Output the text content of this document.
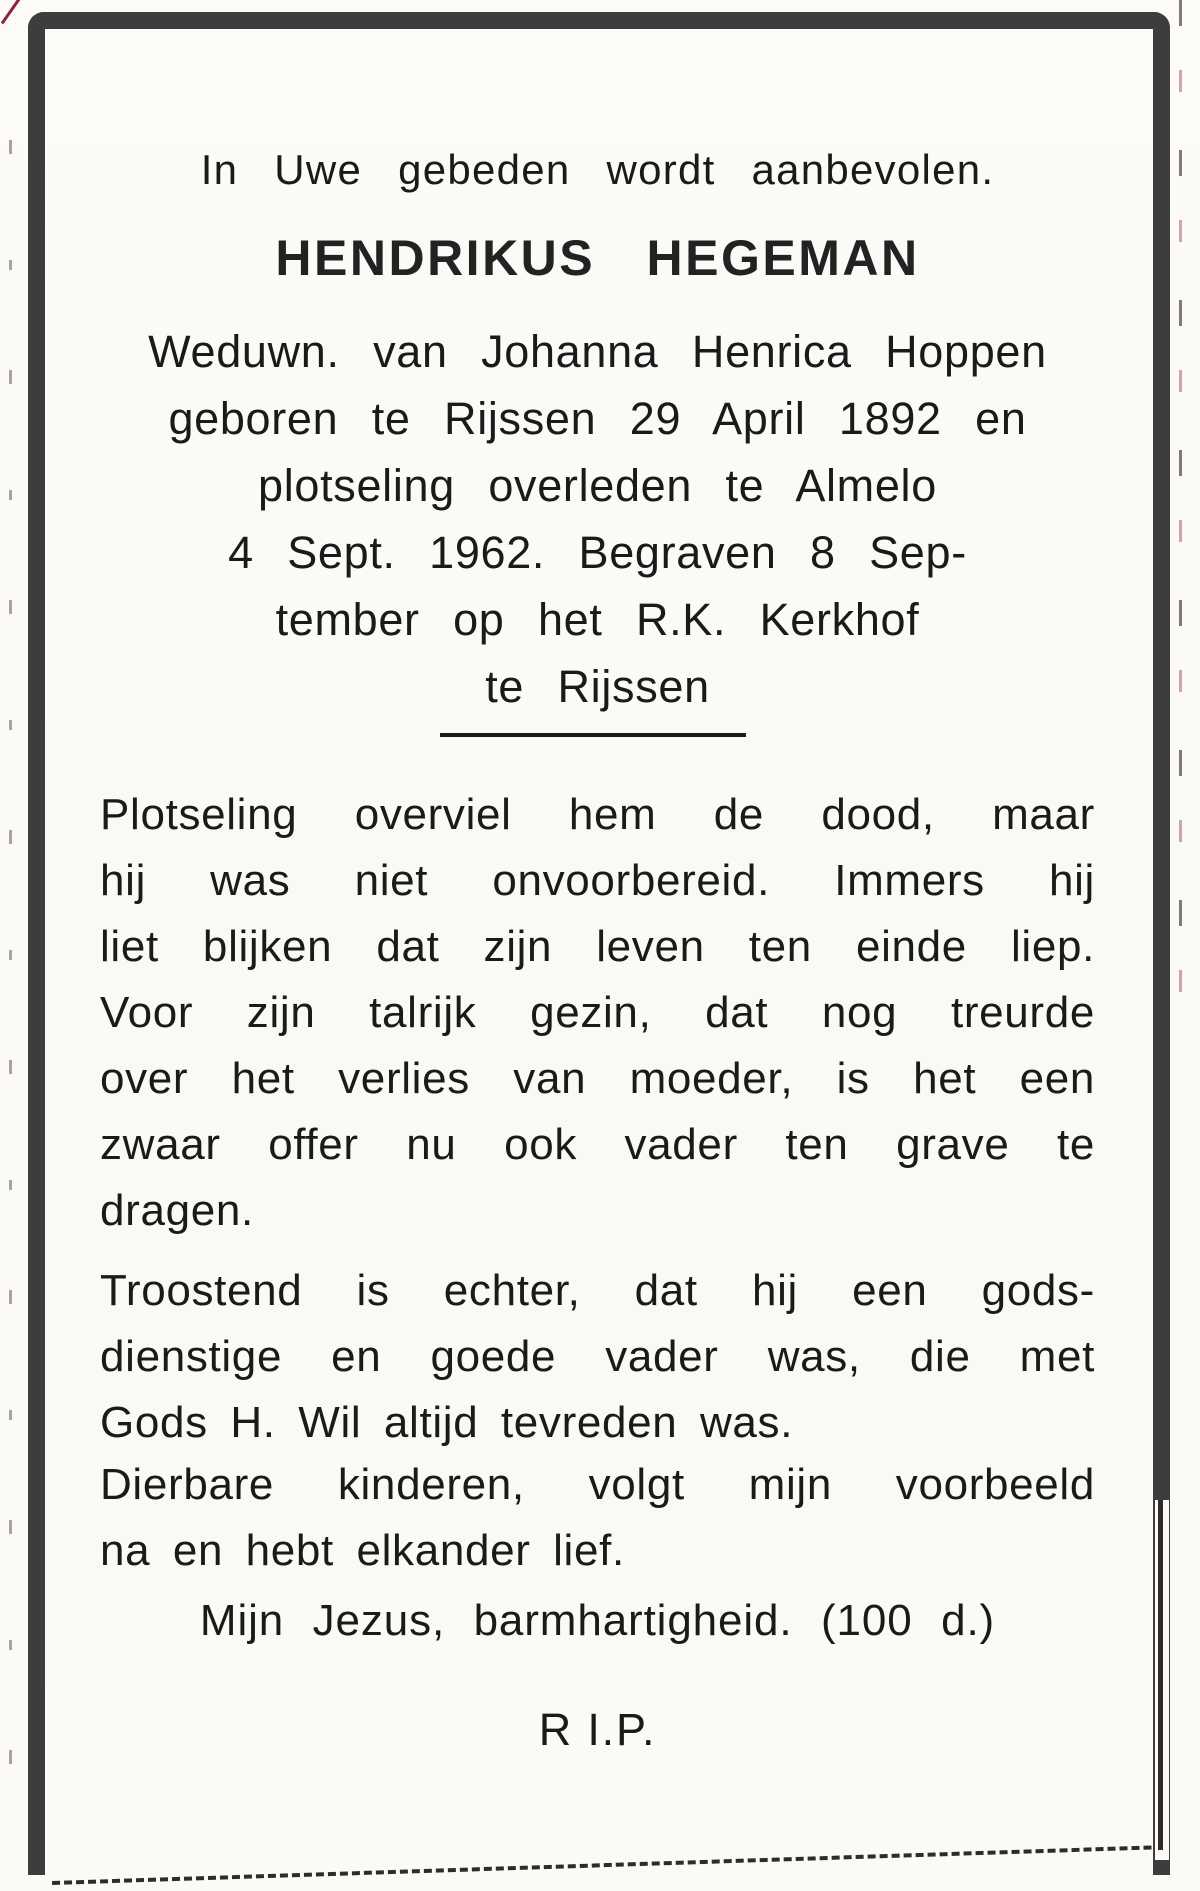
In Uwe gebeden wordt aanbevolen.
HENDRIKUS HEGEMAN
Weduwn. van Johanna Henrica Hoppen
geboren te Rijssen 29 April 1892 en
plotseling overleden te Almelo
4 Sept. 1962. Begraven 8 Sep-
tember op het R.K. Kerkhof
te Rijssen
Plotseling overviel hem de dood, maar
hij was niet onvoorbereid. Immers hij
liet blijken dat zijn leven ten einde liep.
Voor zijn talrijk gezin, dat nog treurde
over het verlies van moeder, is het een
zwaar offer nu ook vader ten grave te
dragen.
Troostend is echter, dat hij een gods-
dienstige en goede vader was, die met
Gods H. Wil altijd tevreden was.
Dierbare kinderen, volgt mijn voorbeeld
na en hebt elkander lief.
Mijn Jezus, barmhartigheid. (100 d.)
R I.P.
